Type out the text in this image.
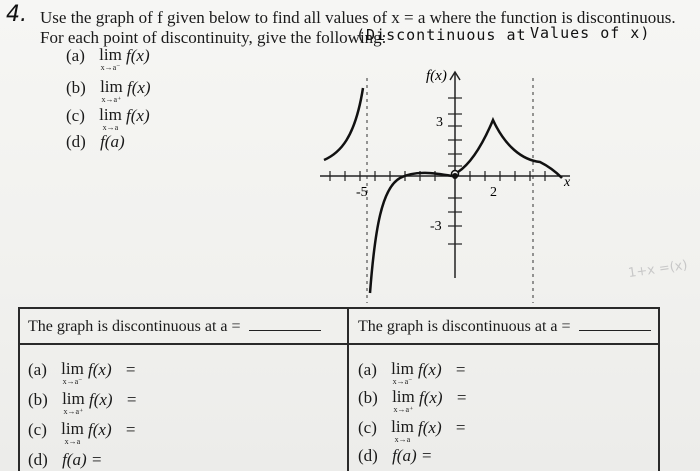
4. Use the graph of f given below to find all values of x = a where the function is discontinuous.
For each point of discontinuity, give the following:
(Discontinuous at Values of x)
(a) lim
x→a⁻
f(x)
(b) lim
x→a⁺
f(x)
(c) lim
x→a
f(x)
(d) f(a)
f(x)
x
3
-3
-5	2
1+x =(x)
The graph is discontinuous at a =
(a) lim
x→a⁻
f(x) =
(b) lim
x→a⁺
f(x) =
(c) lim
x→a
f(x) =
(d) f(a) =
The graph is discontinuous at a =
(a) lim
x→a⁻
f(x) =
(b) lim
x→a⁺
f(x) =
(c) lim
x→a
f(x) =
(d) f(a) =
